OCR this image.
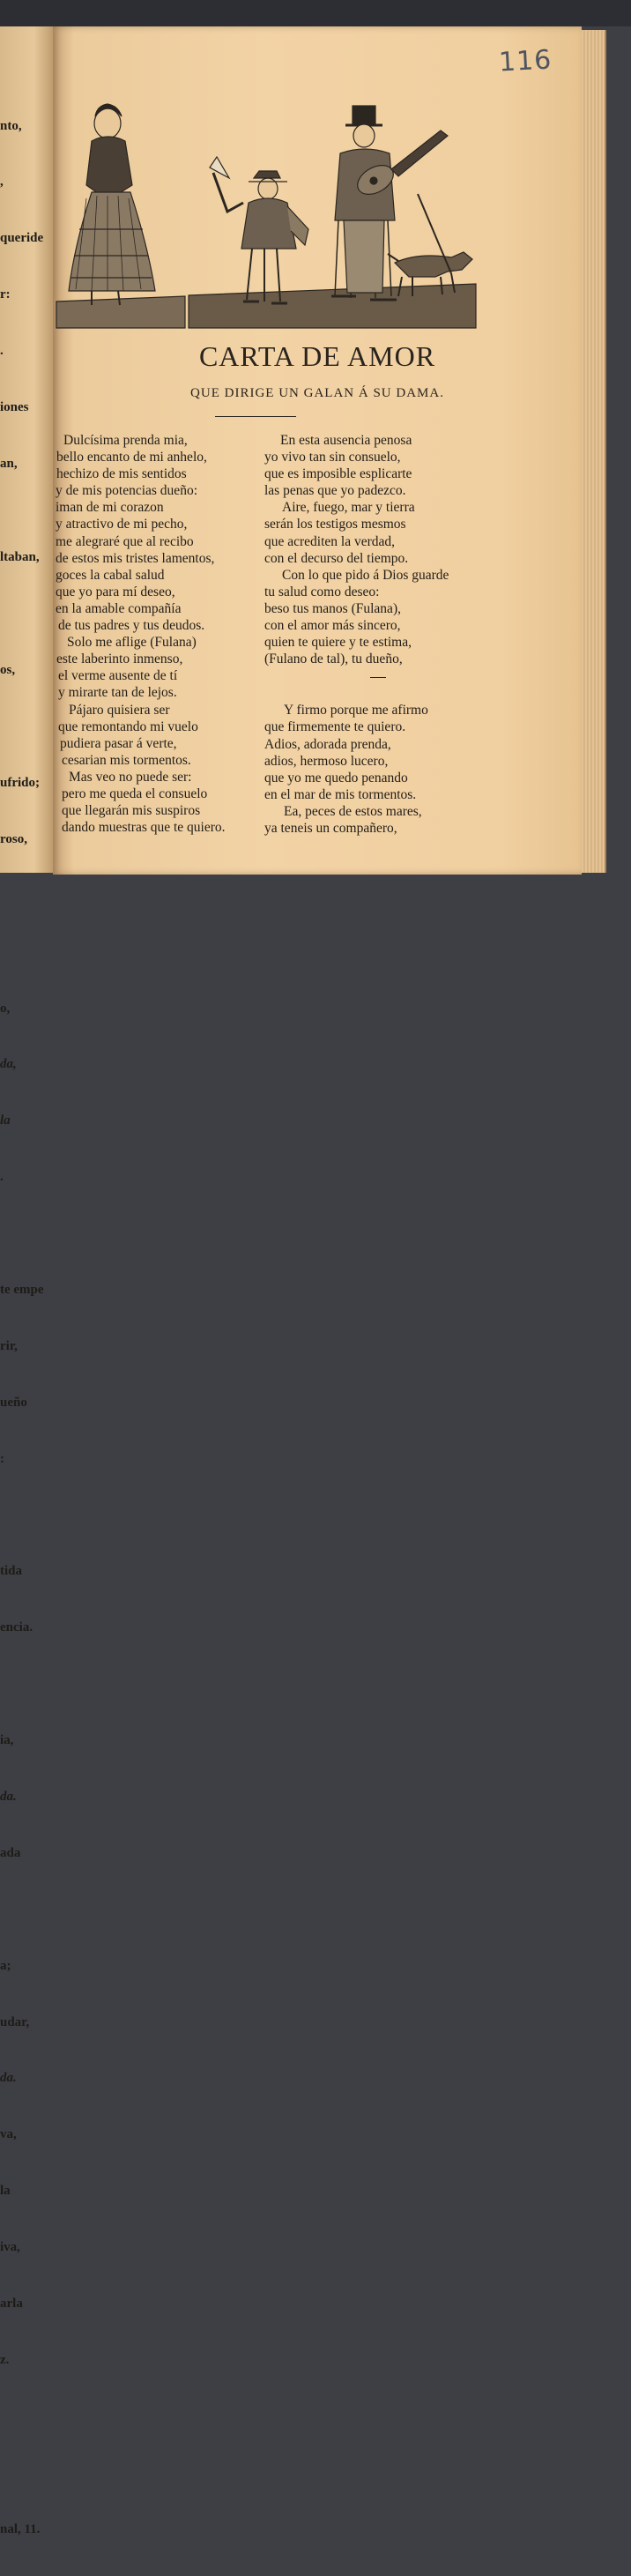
nto,

,

queride

r:

.

iones

an,

ltaban,

os,

ufrido;

roso,

o,

da,

la

.

te empe

rir,

ueño

:

tida

encia.

ia,

da.

ada

a;

udar,

da.

va,

la

iva,

arla

z.

nal, 11.

116
CARTA DE AMOR
QUE DIRIGE UN GALAN Á SU DAMA.
Dulcísima prenda mia,
bello encanto de mi anhelo,
hechizo de mis sentidos
y de mis potencias dueño:
iman de mi corazon
y atractivo de mi pecho,
me alegraré que al recibo
de estos mis tristes lamentos,
goces la cabal salud
que yo para mí deseo,
en la amable compañía
de tus padres y tus deudos.
Solo me aflige (Fulana)
este laberinto inmenso,
el verme ausente de tí
y mirarte tan de lejos.
Pájaro quisiera ser
que remontando mi vuelo
pudiera pasar á verte,
cesarian mis tormentos.
Mas veo no puede ser:
pero me queda el consuelo
que llegarán mis suspiros
dando muestras que te quiero.
En esta ausencia penosa
yo vivo tan sin consuelo,
que es imposible esplicarte
las penas que yo padezco.
Aire, fuego, mar y tierra
serán los testigos mesmos
que acrediten la verdad,
con el decurso del tiempo.
Con lo que pido á Dios guarde
tu salud como deseo:
beso tus manos (Fulana),
con el amor más sincero,
quien te quiere y te estima,
(Fulano de tal), tu dueño,
Y firmo porque me afirmo
que firmemente te quiero.
Adios, adorada prenda,
adios, hermoso lucero,
que yo me quedo penando
en el mar de mis tormentos.
Ea, peces de estos mares,
ya teneis un compañero,
